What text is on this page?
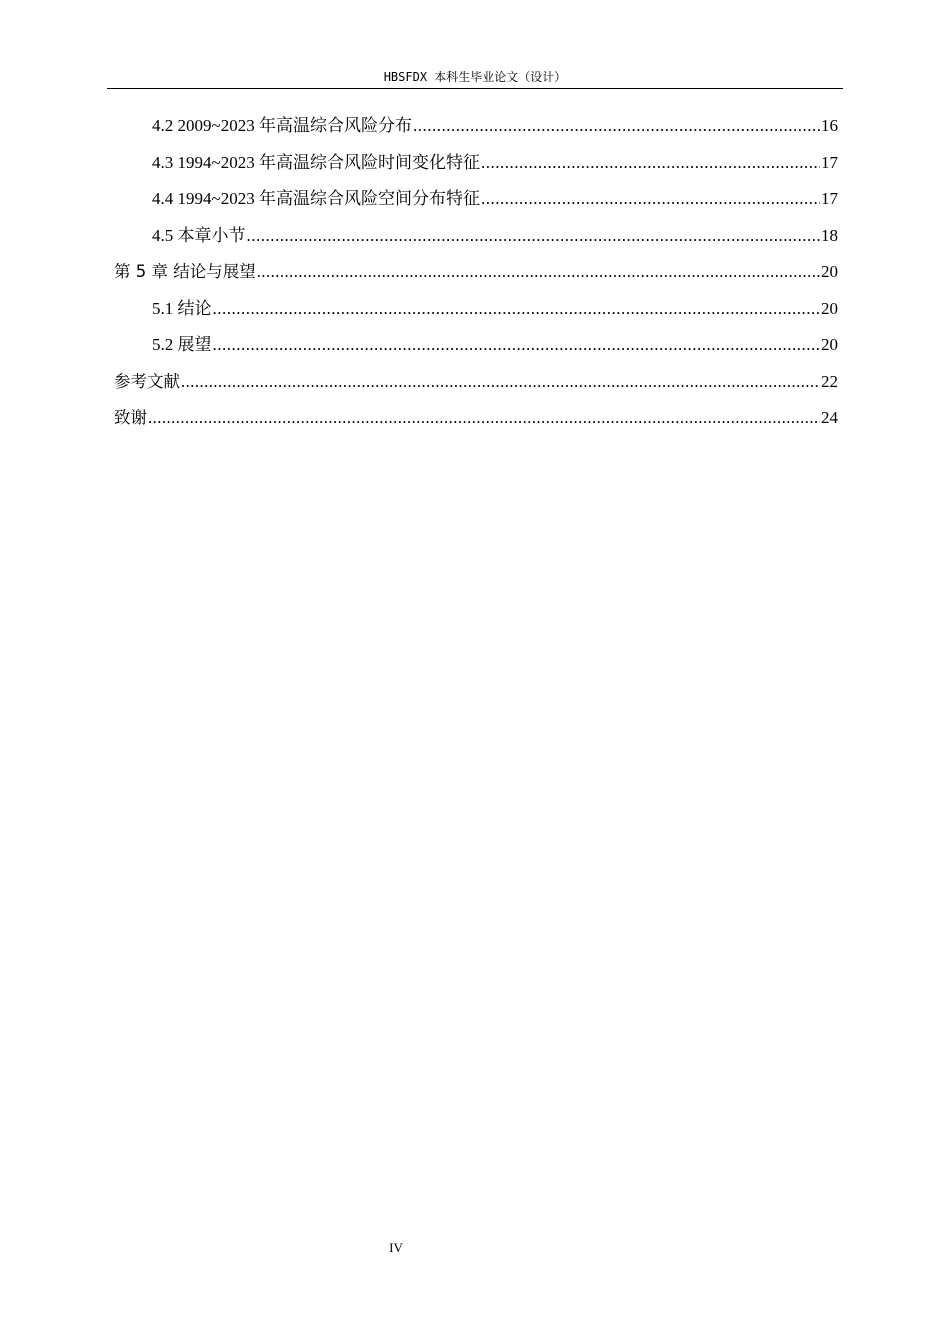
HBSFDX 本科生毕业论文（设计）
4.2 2009~2023 年高温综合风险分布 .....	16
4.3 1994~2023 年高温综合风险时间变化特征 .....	17
4.4 1994~2023 年高温综合风险空间分布特征 .....	17
4.5 本章小节 .....	18
第 5 章 结论与展望 .....	20
5.1 结论 .....	20
5.2 展望 .....	20
参考文献 .....	22
致谢 .....	24
IV
